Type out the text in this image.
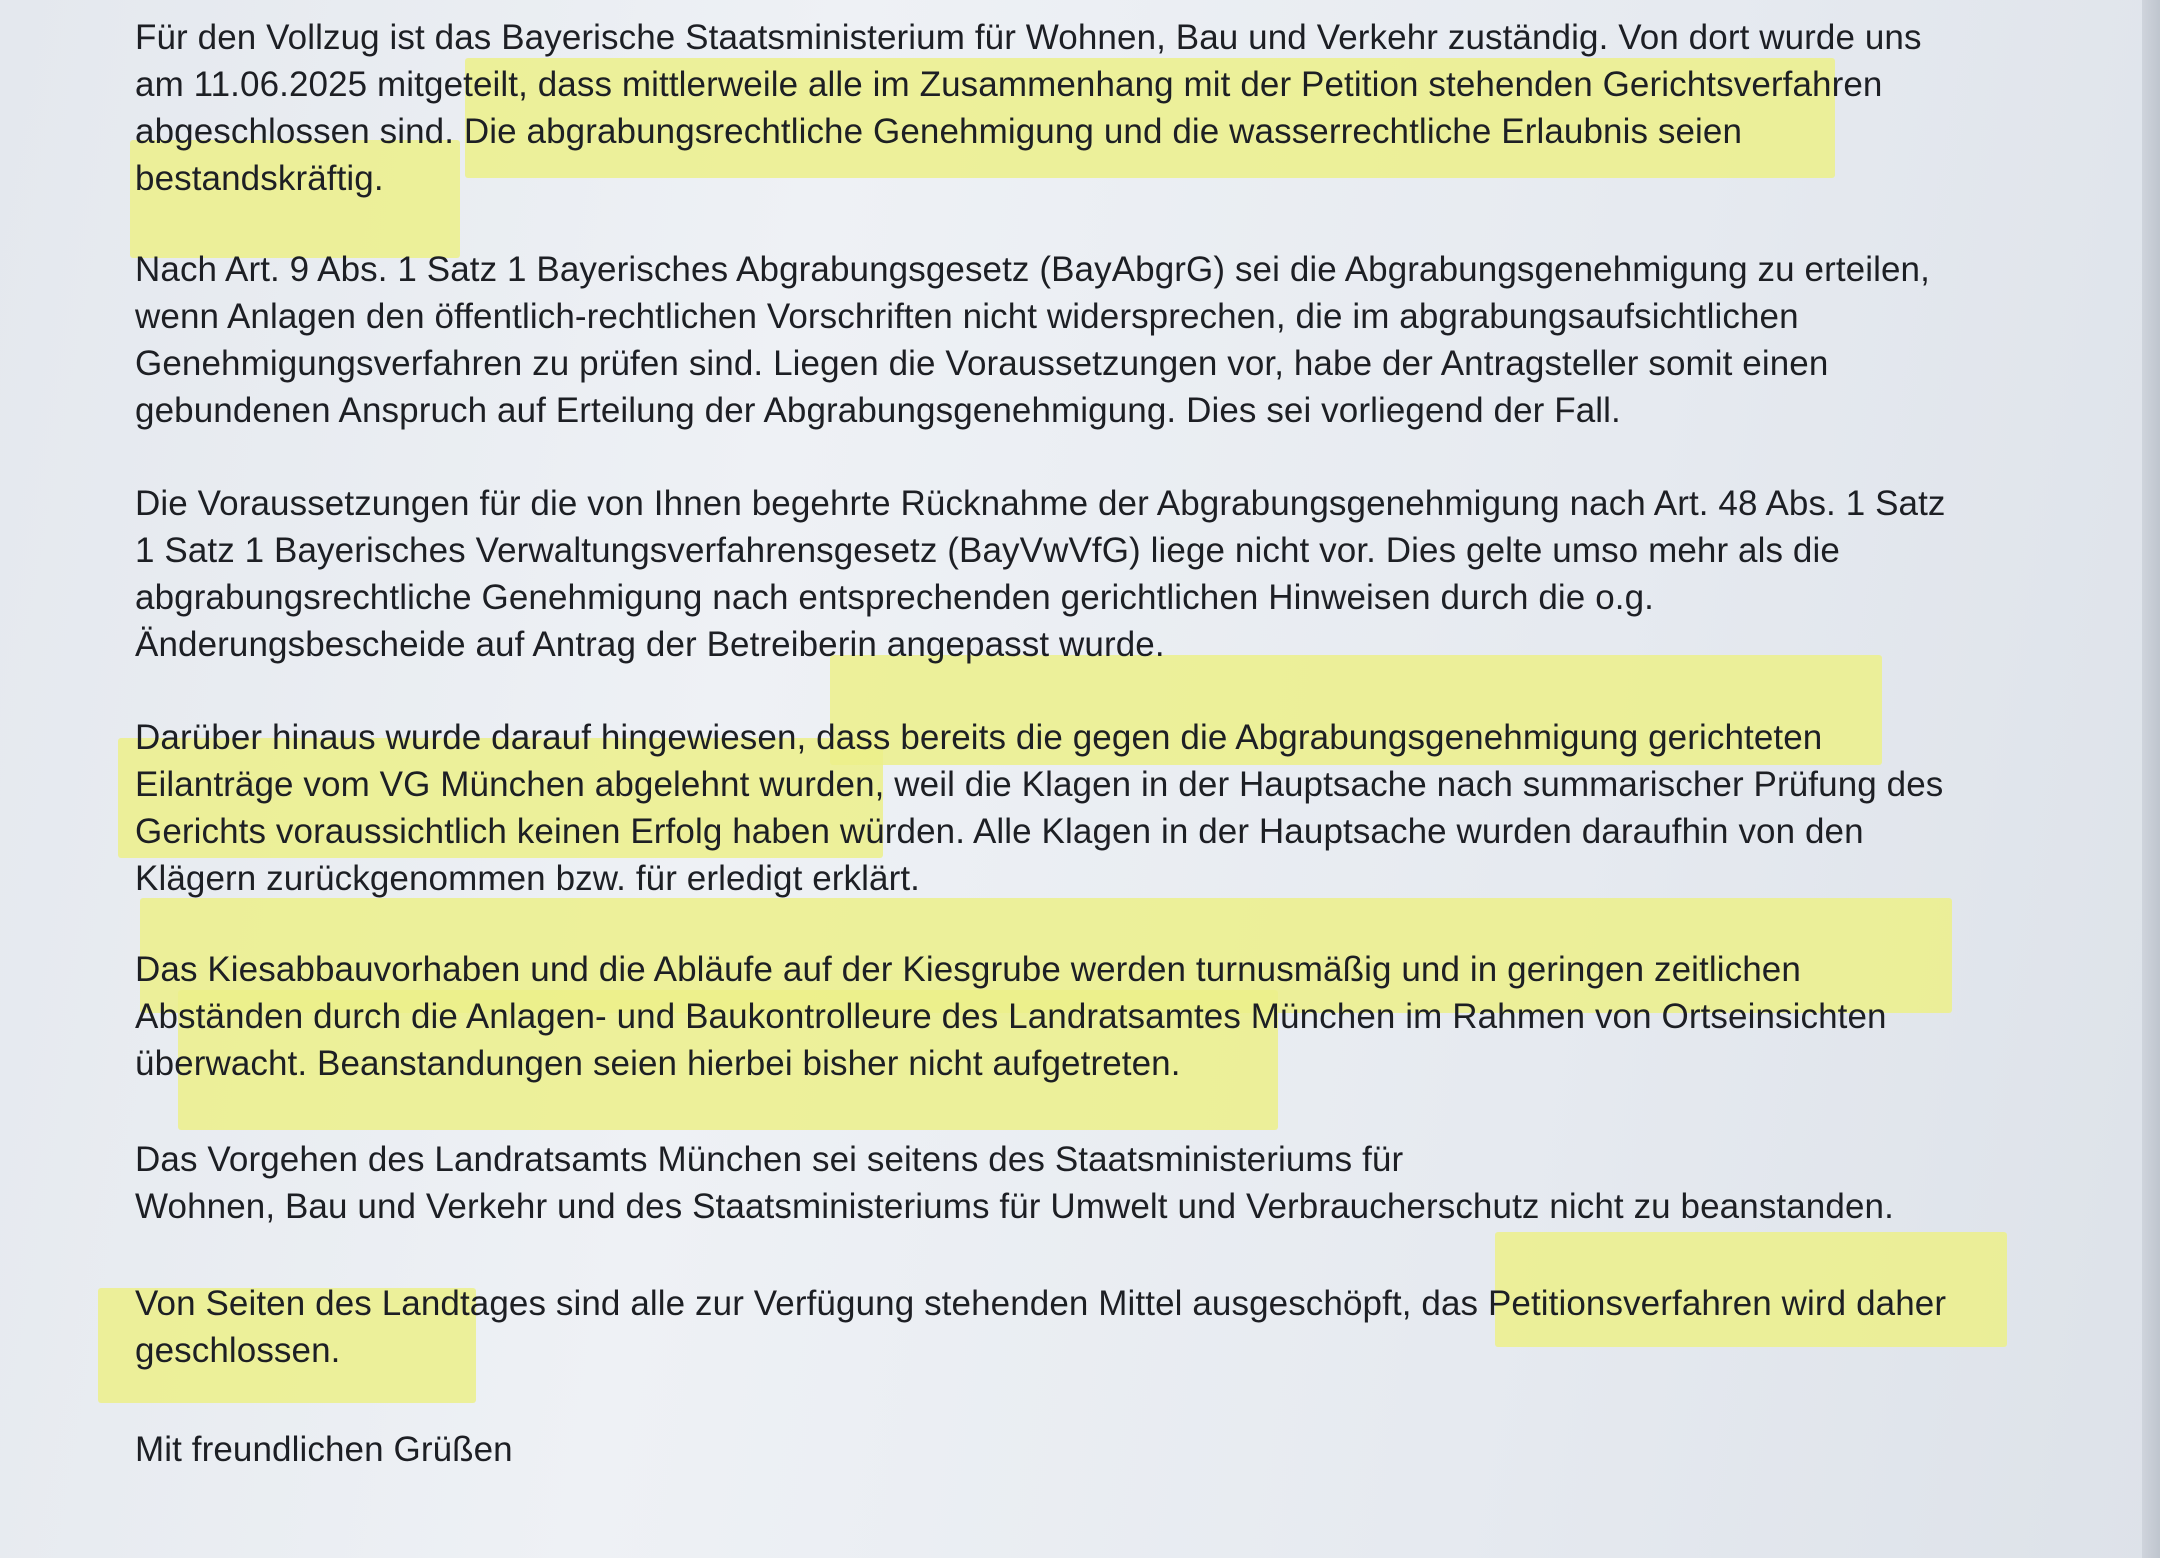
Für den Vollzug ist das Bayerische Staatsministerium für Wohnen, Bau und Verkehr zuständig. Von dort wurde uns
am 11.06.2025 mitgeteilt, dass mittlerweile alle im Zusammenhang mit der Petition stehenden Gerichtsverfahren
abgeschlossen sind. Die abgrabungsrechtliche Genehmigung und die wasserrechtliche Erlaubnis seien
bestandskräftig.

Nach Art. 9 Abs. 1 Satz 1 Bayerisches Abgrabungsgesetz (BayAbgrG) sei die Abgrabungsgenehmigung zu erteilen,
wenn Anlagen den öffentlich-rechtlichen Vorschriften nicht widersprechen, die im abgrabungsaufsichtlichen
Genehmigungsverfahren zu prüfen sind. Liegen die Voraussetzungen vor, habe der Antragsteller somit einen
gebundenen Anspruch auf Erteilung der Abgrabungsgenehmigung. Dies sei vorliegend der Fall.

Die Voraussetzungen für die von Ihnen begehrte Rücknahme der Abgrabungsgenehmigung nach Art. 48 Abs. 1 Satz
1 Satz 1 Bayerisches Verwaltungsverfahrensgesetz (BayVwVfG) liege nicht vor. Dies gelte umso mehr als die
abgrabungsrechtliche Genehmigung nach entsprechenden gerichtlichen Hinweisen durch die o.g.
Änderungsbescheide auf Antrag der Betreiberin angepasst wurde.

Darüber hinaus wurde darauf hingewiesen, dass bereits die gegen die Abgrabungsgenehmigung gerichteten
Eilanträge vom VG München abgelehnt wurden, weil die Klagen in der Hauptsache nach summarischer Prüfung des
Gerichts voraussichtlich keinen Erfolg haben würden. Alle Klagen in der Hauptsache wurden daraufhin von den
Klägern zurückgenommen bzw. für erledigt erklärt.

Das Kiesabbauvorhaben und die Abläufe auf der Kiesgrube werden turnusmäßig und in geringen zeitlichen
Abständen durch die Anlagen- und Baukontrolleure des Landratsamtes München im Rahmen von Ortseinsichten
überwacht. Beanstandungen seien hierbei bisher nicht aufgetreten.

Das Vorgehen des Landratsamts München sei seitens des Staatsministeriums für
Wohnen, Bau und Verkehr und des Staatsministeriums für Umwelt und Verbraucherschutz nicht zu beanstanden.

Von Seiten des Landtages sind alle zur Verfügung stehenden Mittel ausgeschöpft, das Petitionsverfahren wird daher
geschlossen.

Mit freundlichen Grüßen
